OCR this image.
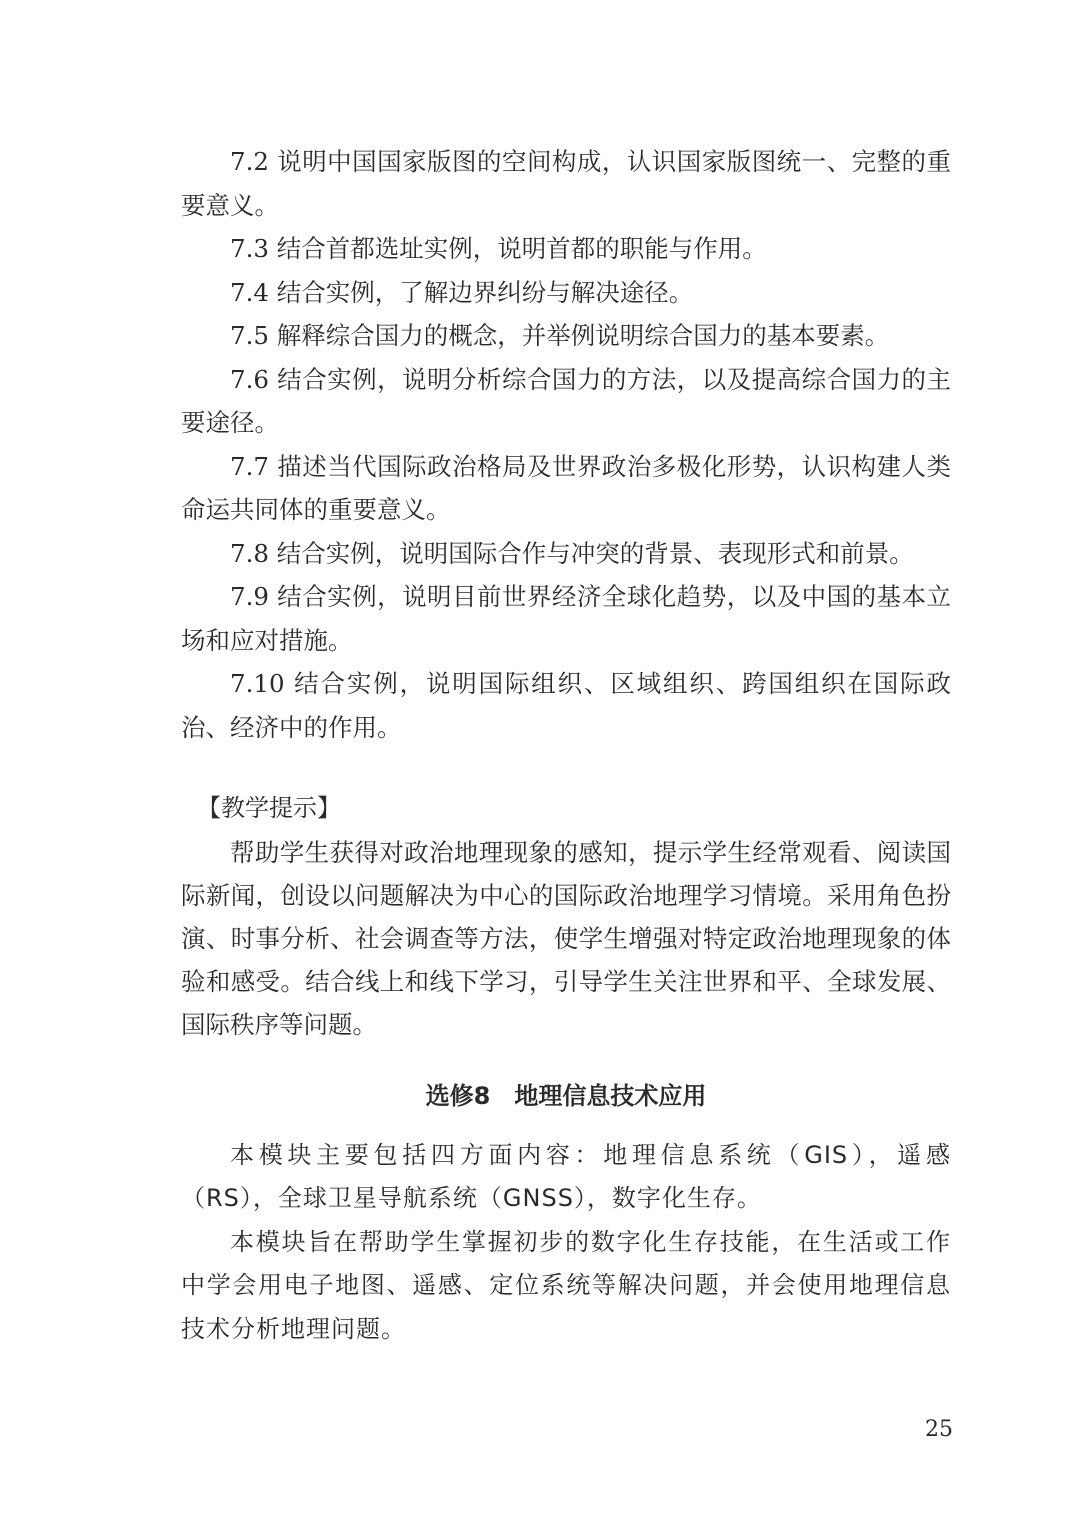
7.2 说明中国国家版图的空间构成，认识国家版图统一、完整的重要意义。

7.3 结合首都选址实例，说明首都的职能与作用。

7.4 结合实例，了解边界纠纷与解决途径。

7.5 解释综合国力的概念，并举例说明综合国力的基本要素。

7.6 结合实例，说明分析综合国力的方法，以及提高综合国力的主要途径。

7.7 描述当代国际政治格局及世界政治多极化形势，认识构建人类命运共同体的重要意义。

7.8 结合实例，说明国际合作与冲突的背景、表现形式和前景。

7.9 结合实例，说明目前世界经济全球化趋势，以及中国的基本立场和应对措施。

7.10 结合实例，说明国际组织、区域组织、跨国组织在国际政治、经济中的作用。

【教学提示】

帮助学生获得对政治地理现象的感知，提示学生经常观看、阅读国际新闻，创设以问题解决为中心的国际政治地理学习情境。采用角色扮演、时事分析、社会调查等方法，使学生增强对特定政治地理现象的体验和感受。结合线上和线下学习，引导学生关注世界和平、全球发展、国际秩序等问题。

选修8　地理信息技术应用

本模块主要包括四方面内容：地理信息系统（GIS），遥感（RS），全球卫星导航系统（GNSS），数字化生存。

本模块旨在帮助学生掌握初步的数字化生存技能，在生活或工作中学会用电子地图、遥感、定位系统等解决问题，并会使用地理信息技术分析地理问题。

25
